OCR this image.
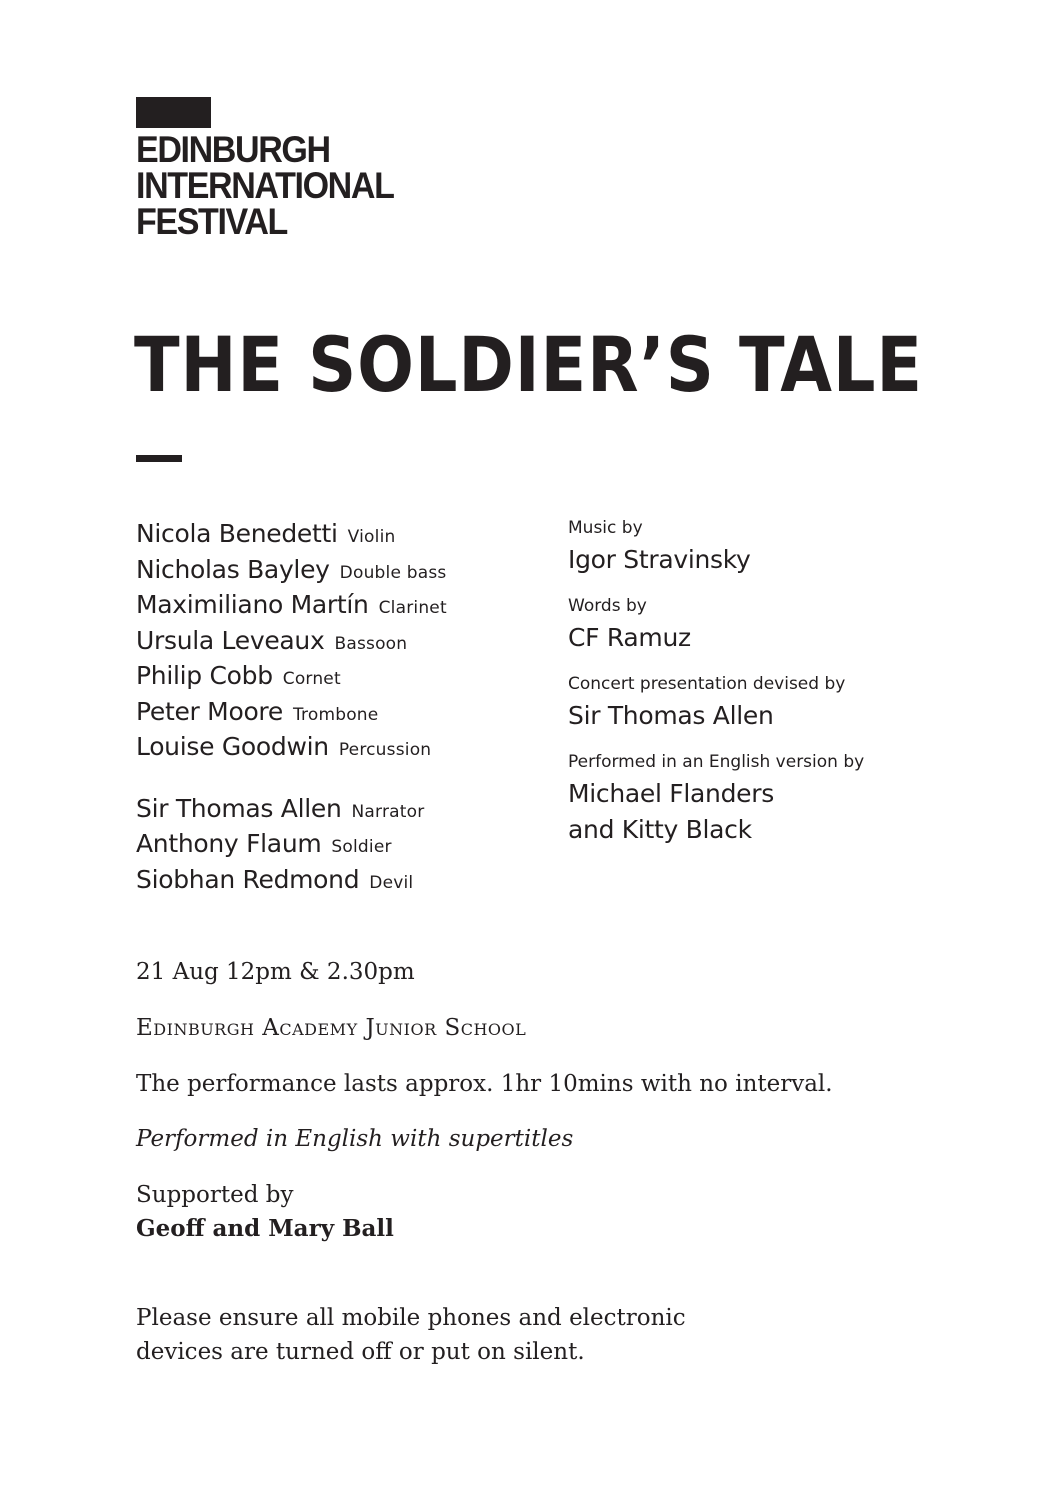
EDINBURGH
INTERNATIONAL
FESTIVAL
THE SOLDIER’S TALE
Nicola Benedetti Violin
Nicholas Bayley Double bass
Maximiliano Martín Clarinet
Ursula Leveaux Bassoon
Philip Cobb Cornet
Peter Moore Trombone
Louise Goodwin Percussion
Sir Thomas Allen Narrator
Anthony Flaum Soldier
Siobhan Redmond Devil
Music by
Igor Stravinsky
Words by
CF Ramuz
Concert presentation devised by
Sir Thomas Allen
Performed in an English version by
Michael Flanders
and Kitty Black
21 Aug 12pm & 2.30pm
Edinburgh Academy Junior School
The performance lasts approx. 1hr 10mins with no interval.
Performed in English with supertitles
Supported by
Geoff and Mary Ball
Please ensure all mobile phones and electronic
devices are turned off or put on silent.
